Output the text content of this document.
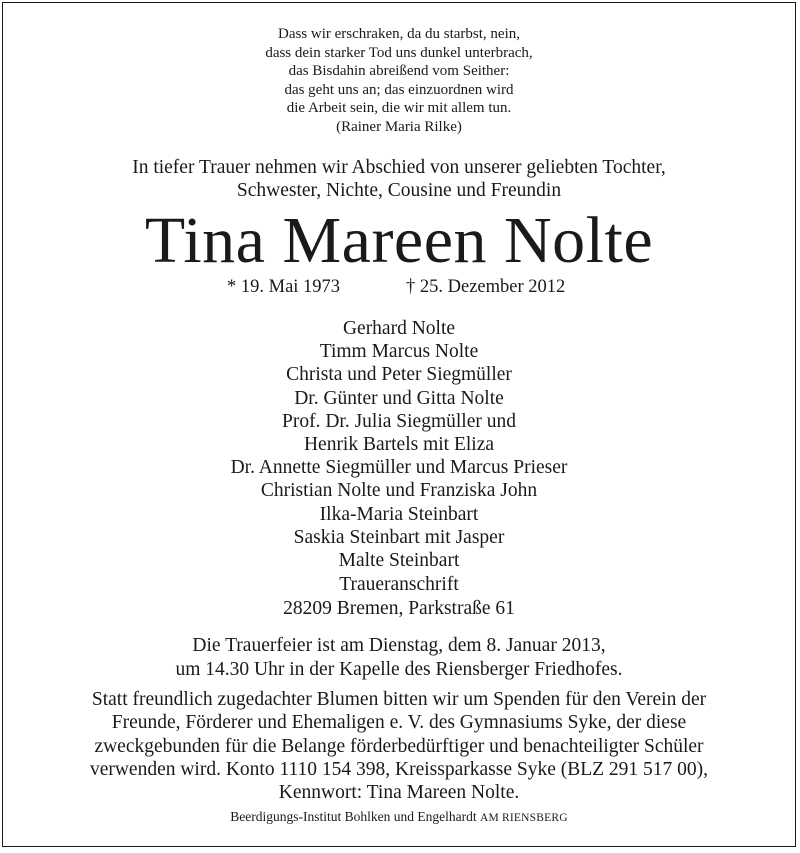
Dass wir erschraken, da du starbst, nein,
dass dein starker Tod uns dunkel unterbrach,
das Bisdahin abreißend vom Seither:
das geht uns an; das einzuordnen wird
die Arbeit sein, die wir mit allem tun.
(Rainer Maria Rilke)
In tiefer Trauer nehmen wir Abschied von unserer geliebten Tochter,
Schwester, Nichte, Cousine und Freundin
Tina Mareen Nolte
* 19. Mai 1973	† 25. Dezember 2012
Gerhard Nolte
Timm Marcus Nolte
Christa und Peter Siegmüller
Dr. Günter und Gitta Nolte
Prof. Dr. Julia Siegmüller und
Henrik Bartels mit Eliza
Dr. Annette Siegmüller und Marcus Prieser
Christian Nolte und Franziska John
Ilka-Maria Steinbart
Saskia Steinbart mit Jasper
Malte Steinbart
Traueranschrift
28209 Bremen, Parkstraße 61
Die Trauerfeier ist am Dienstag, dem 8. Januar 2013,
um 14.30 Uhr in der Kapelle des Riensberger Friedhofes.
Statt freundlich zugedachter Blumen bitten wir um Spenden für den Verein der
Freunde, Förderer und Ehemaligen e. V. des Gymnasiums Syke, der diese
zweckgebunden für die Belange förderbedürftiger und benachteiligter Schüler
verwenden wird. Konto 1110 154 398, Kreissparkasse Syke (BLZ 291 517 00),
Kennwort: Tina Mareen Nolte.
Beerdigungs-Institut Bohlken und Engelhardt AM RIENSBERG
